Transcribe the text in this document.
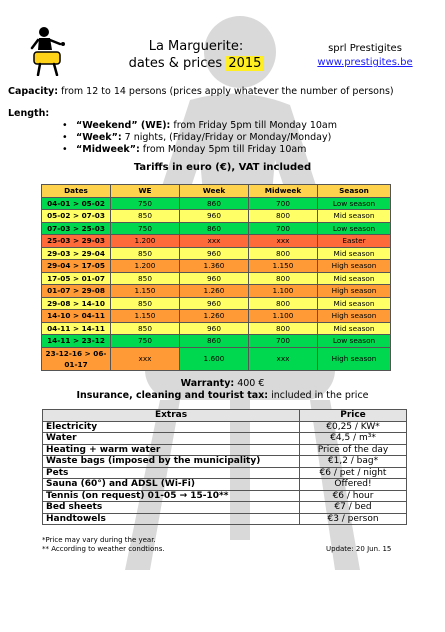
La Marguerite:
dates & prices 2015
sprl Prestigites
www.prestigites.be
Capacity: from 12 to 14 persons (prices apply whatever the number of persons)
Length:
• “Weekend” (WE): from Friday 5pm till Monday 10am
• “Week”: 7 nights, (Friday/Friday or Monday/Monday)
• “Midweek”: from Monday 5pm till Friday 10am
Tariffs in euro (€), VAT included
Dates	WE	Week	Midweek	Season
04-01 > 05-02	750	860	700	Low season
05-02 > 07-03	850	960	800	Mid season
07-03 > 25-03	750	860	700	Low season
25-03 > 29-03	1.200	xxx	xxx	Easter
29-03 > 29-04	850	960	800	Mid season
29-04 > 17-05	1.200	1.360	1.150	High season
17-05 > 01-07	850	960	800	Mid season
01-07 > 29-08	1.150	1.260	1.100	High season
29-08 > 14-10	850	960	800	Mid season
14-10 > 04-11	1.150	1.260	1.100	High season
04-11 > 14-11	850	960	800	Mid season
14-11 > 23-12	750	860	700	Low season
23-12-16 > 06-01-17	xxx	1.600	xxx	High season
Warranty: 400 €
Insurance, cleaning and tourist tax: included in the price
Extras	Price
Electricity	€0,25 / KW*
Water	€4,5 / m³*
Heating + warm water	Price of the day
Waste bags (imposed by the municipality)	€1,2 / bag*
Pets	€6 / pet / night
Sauna (60°) and ADSL (Wi-Fi)	Offered!
Tennis (on request) 01-05 → 15-10**	€6 / hour
Bed sheets	€7 / bed
Handtowels	€3 / person
*Price may vary during the year.
** According to weather condtions.	Update: 20 Jun. 15
